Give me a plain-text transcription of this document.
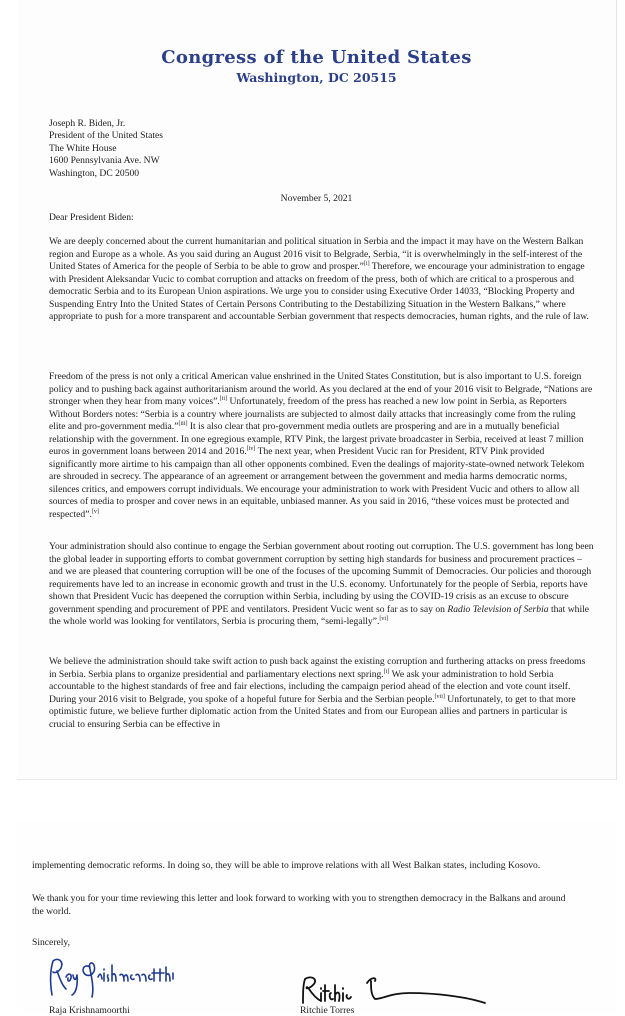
Congress of the United States
Washington, DC 20515
Joseph R. Biden, Jr.
President of the United States
The White House
1600 Pennsylvania Ave. NW
Washington, DC 20500
November 5, 2021
Dear President Biden:
We are deeply concerned about the current humanitarian and political situation in Serbia and the impact it may have on the Western Balkan region and Europe as a whole. As you said during an August 2016 visit to Belgrade, Serbia, “it is overwhelmingly in the self-interest of the United States of America for the people of Serbia to be able to grow and prosper.”[i] Therefore, we encourage your administration to engage with President Aleksandar Vucic to combat corruption and attacks on freedom of the press, both of which are critical to a prosperous and democratic Serbia and to its European Union aspirations. We urge you to consider using Executive Order 14033, “Blocking Property and Suspending Entry Into the United States of Certain Persons Contributing to the Destabilizing Situation in the Western Balkans,” where appropriate to push for a more transparent and accountable Serbian government that respects democracies, human rights, and the rule of law.
Freedom of the press is not only a critical American value enshrined in the United States Constitution, but is also important to U.S. foreign policy and to pushing back against authoritarianism around the world. As you declared at the end of your 2016 visit to Belgrade, “Nations are stronger when they hear from many voices”.[ii] Unfortunately, freedom of the press has reached a new low point in Serbia, as Reporters Without Borders notes: “Serbia is a country where journalists are subjected to almost daily attacks that increasingly come from the ruling elite and pro-government media.”[iii] It is also clear that pro-government media outlets are prospering and are in a mutually beneficial relationship with the government. In one egregious example, RTV Pink, the largest private broadcaster in Serbia, received at least 7 million euros in government loans between 2014 and 2016.[iv] The next year, when President Vucic ran for President, RTV Pink provided significantly more airtime to his campaign than all other opponents combined. Even the dealings of majority-state-owned network Telekom are shrouded in secrecy. The appearance of an agreement or arrangement between the government and media harms democratic norms, silences critics, and empowers corrupt individuals. We encourage your administration to work with President Vucic and others to allow all sources of media to prosper and cover news in an equitable, unbiased manner. As you said in 2016, “these voices must be protected and respected”.[v]
Your administration should also continue to engage the Serbian government about rooting out corruption. The U.S. government has long been the global leader in supporting efforts to combat government corruption by setting high standards for business and procurement practices – and we are pleased that countering corruption will be one of the focuses of the upcoming Summit of Democracies. Our policies and thorough requirements have led to an increase in economic growth and trust in the U.S. economy. Unfortunately for the people of Serbia, reports have shown that President Vucic has deepened the corruption within Serbia, including by using the COVID-19 crisis as an excuse to obscure government spending and procurement of PPE and ventilators. President Vucic went so far as to say on Radio Television of Serbia that while the whole world was looking for ventilators, Serbia is procuring them, “semi-legally”.[vi]
We believe the administration should take swift action to push back against the existing corruption and furthering attacks on press freedoms in Serbia. Serbia plans to organize presidential and parliamentary elections next spring.[i] We ask your administration to hold Serbia accountable to the highest standards of free and fair elections, including the campaign period ahead of the election and vote count itself. During your 2016 visit to Belgrade, you spoke of a hopeful future for Serbia and the Serbian people.[vii] Unfortunately, to get to that more optimistic future, we believe further diplomatic action from the United States and from our European allies and partners in particular is crucial to ensuring Serbia can be effective in
implementing democratic reforms. In doing so, they will be able to improve relations with all West Balkan states, including Kosovo.
We thank you for your time reviewing this letter and look forward to working with you to strengthen democracy in the Balkans and around the world.
Sincerely,
Raja Krishnamoorthi	Ritchie Torres
